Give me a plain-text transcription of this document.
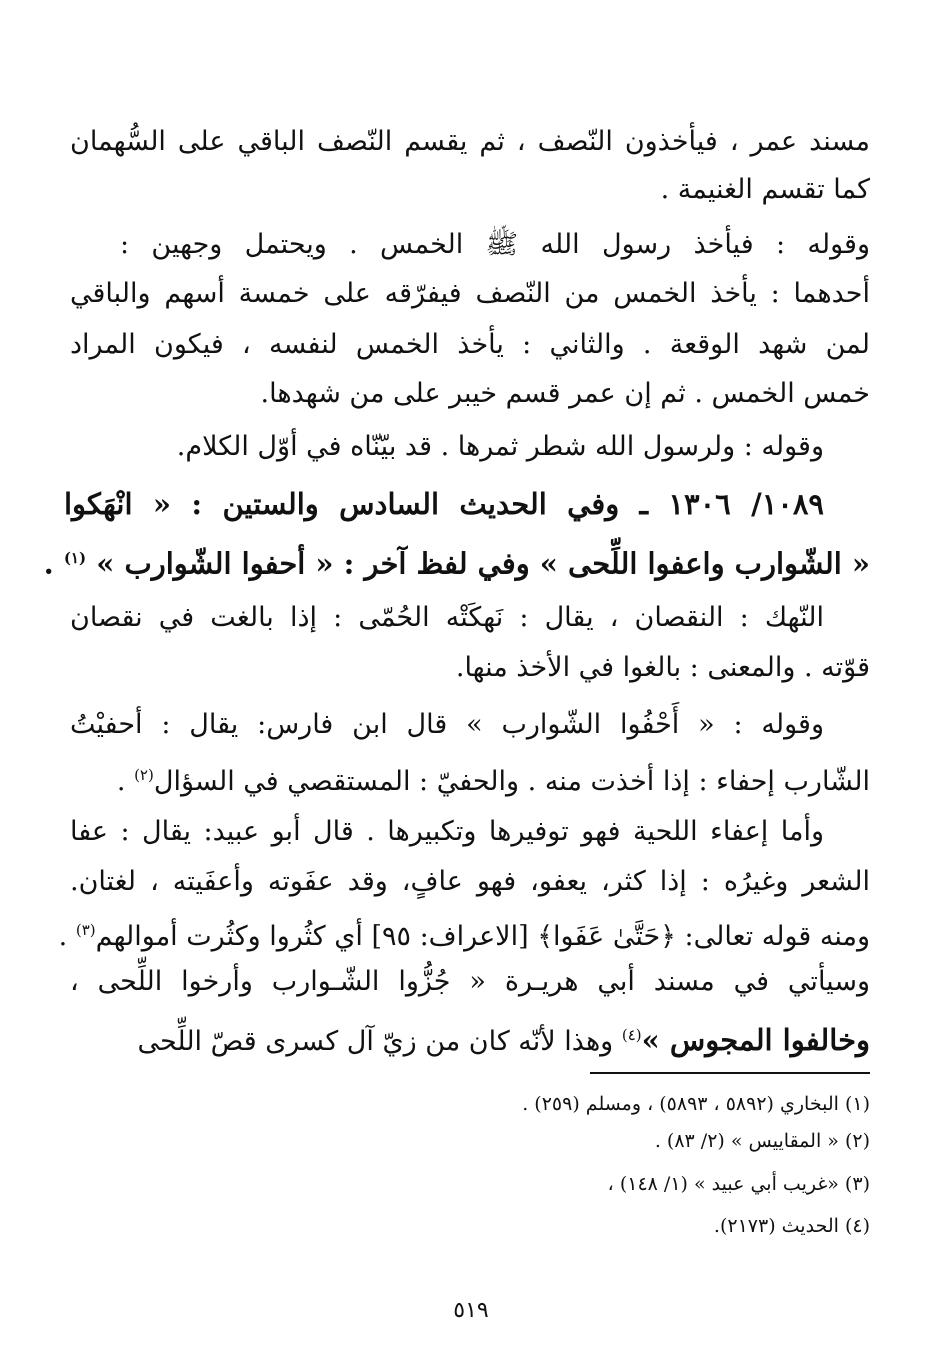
مسند عمر ، فيأخذون النّصف ، ثم يقسم النّصف الباقي على السُّهمان
كما تقسم الغنيمة .
وقوله : فيأخذ رسول الله ﷺ الخمس . ويحتمل وجهين :
أحدهما : يأخذ الخمس من النّصف فيفرّقه على خمسة أسهم والباقي
لمن شهد الوقعة . والثاني : يأخذ الخمس لنفسه ، فيكون المراد
خمس الخمس . ثم إن عمر قسم خيبر على من شهدها.
وقوله : ولرسول الله شطر ثمرها . قد بيّنّاه في أوّل الكلام.
١٠٨٩/ ١٣٠٦ ـ وفي الحديث السادس والستين : « انْهَكوا
« الشّوارب واعفوا اللِّحى » وفي لفظ آخر : « أحفوا الشّوارب » $^{(١)}$ .
النّهك : النقصان ، يقال : نَهكَتْه الحُمّى : إذا بالغت في نقصان
قوّته . والمعنى : بالغوا في الأخذ منها.
وقوله : « أَحْفُوا الشّوارب » قال ابن فارس: يقال : أحفيْتُ
الشّارب إحفاء : إذا أخذت منه . والحفيّ : المستقصي في السؤال$^{(٢)}$ .
وأما إعفاء اللحية فهو توفيرها وتكبيرها . قال أبو عبيد: يقال : عفا
الشعر وغيرُه : إذا كثر، يعفو، فهو عافٍ، وقد عفَوته وأعفَيته ، لغتان.
ومنه قوله تعالى: ﴿حَتَّىٰ عَفَوا﴾ [الاعراف: ٩٥] أي كثُروا وكثُرت أموالهم$^{(٣)}$ .
وسيأتي في مسند أبي هريـرة « جُزُّوا الشّـوارب وأرخوا اللِّحى ،
وخالفوا المجوس »$^{(٤)}$ وهذا لأنّه كان من زيّ آل كسرى قصّ اللِّحى
(١) البخاري (٥٨٩٢ ، ٥٨٩٣) ، ومسلم (٢٥٩) .
(٢) « المقاييس » (٢/ ٨٣) .
(٣) «غريب أبي عبيد » (١/ ١٤٨) ،
(٤) الحديث (٢١٧٣).
٥١٩
